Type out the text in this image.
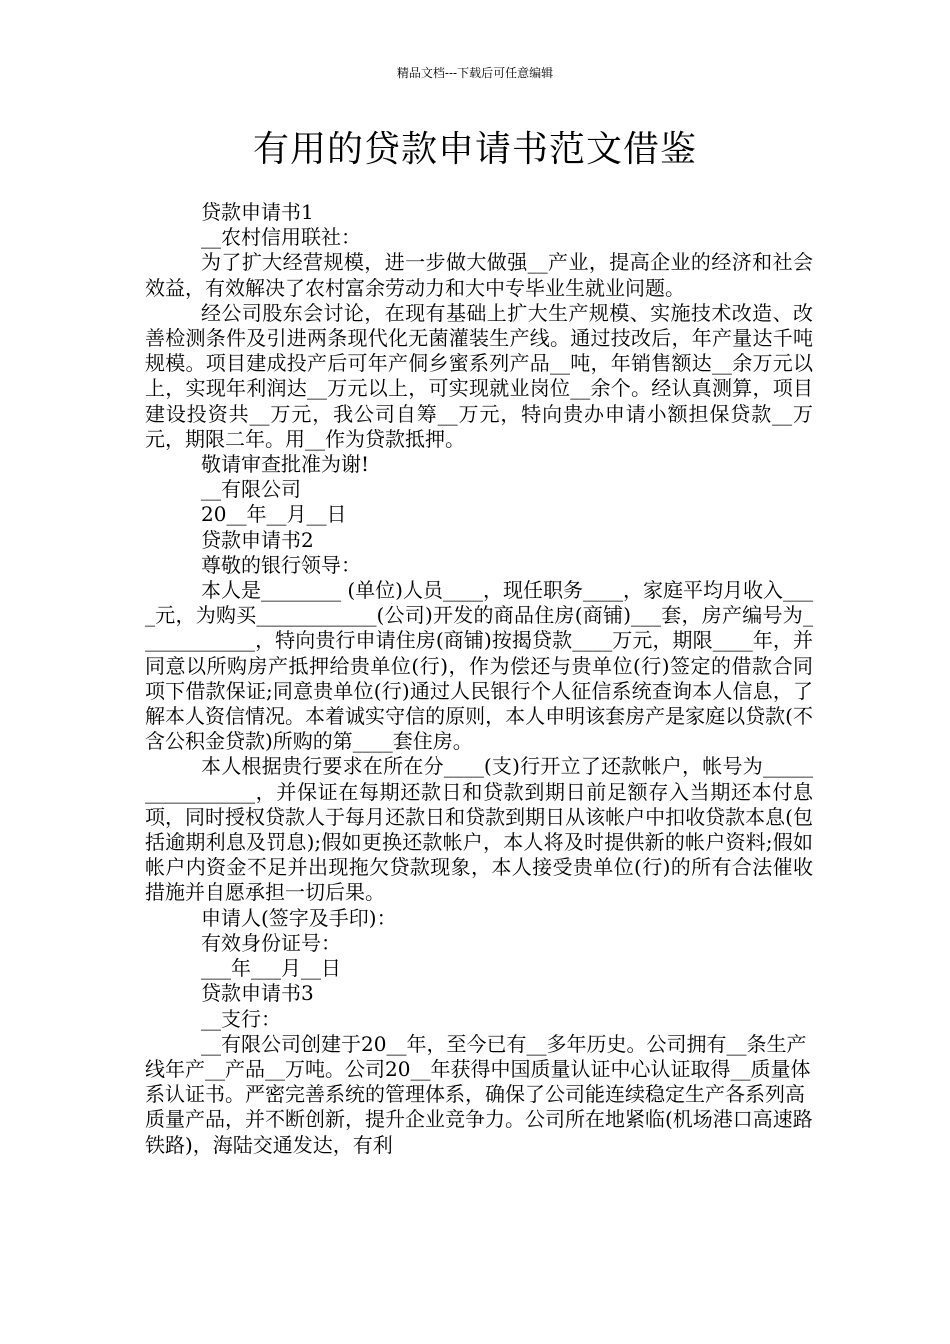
精品文档---下载后可任意编辑
有用的贷款申请书范文借鉴

贷款申请书1

__农村信用联社：

为了扩大经营规模，进一步做大做强__产业，提高企业的经济和社会效益，有效解决了农村富余劳动力和大中专毕业生就业问题。

经公司股东会讨论，在现有基础上扩大生产规模、实施技术改造、改善检测条件及引进两条现代化无菌灌装生产线。通过技改后，年产量达千吨规模。项目建成投产后可年产侗乡蜜系列产品__吨，年销售额达__余万元以上，实现年利润达__万元以上，可实现就业岗位__余个。经认真测算，项目建设投资共__万元，我公司自筹__万元，特向贵办申请小额担保贷款__万元，期限二年。用__作为贷款抵押。

敬请审查批准为谢!

__有限公司

20__年__月__日

贷款申请书2

尊敬的银行领导：

本人是________ (单位)人员____，现任职务____，家庭平均月收入____元，为购买____________(公司)开发的商品住房(商铺)___套，房产编号为____________，特向贵行申请住房(商铺)按揭贷款____万元，期限____年，并同意以所购房产抵押给贵单位(行)，作为偿还与贵单位(行)签定的借款合同项下借款保证;同意贵单位(行)通过人民银行个人征信系统查询本人信息，了解本人资信情况。本着诚实守信的原则，本人申明该套房产是家庭以贷款(不含公积金贷款)所购的第____套住房。

本人根据贵行要求在所在分____(支)行开立了还款帐户，帐号为________________，并保证在每期还款日和贷款到期日前足额存入当期还本付息项，同时授权贷款人于每月还款日和贷款到期日从该帐户中扣收贷款本息(包括逾期利息及罚息);假如更换还款帐户，本人将及时提供新的帐户资料;假如帐户内资金不足并出现拖欠贷款现象，本人接受贵单位(行)的所有合法催收措施并自愿承担一切后果。

申请人(签字及手印)：

有效身份证号：

___年___月__日

贷款申请书3

__支行：

__有限公司创建于20__年，至今已有__多年历史。公司拥有__条生产线年产__产品__万吨。公司20__年获得中国质量认证中心认证取得__质量体系认证书。严密完善系统的管理体系，确保了公司能连续稳定生产各系列高质量产品，并不断创新，提升企业竞争力。公司所在地紧临(机场港口高速路铁路)，海陆交通发达，有利
